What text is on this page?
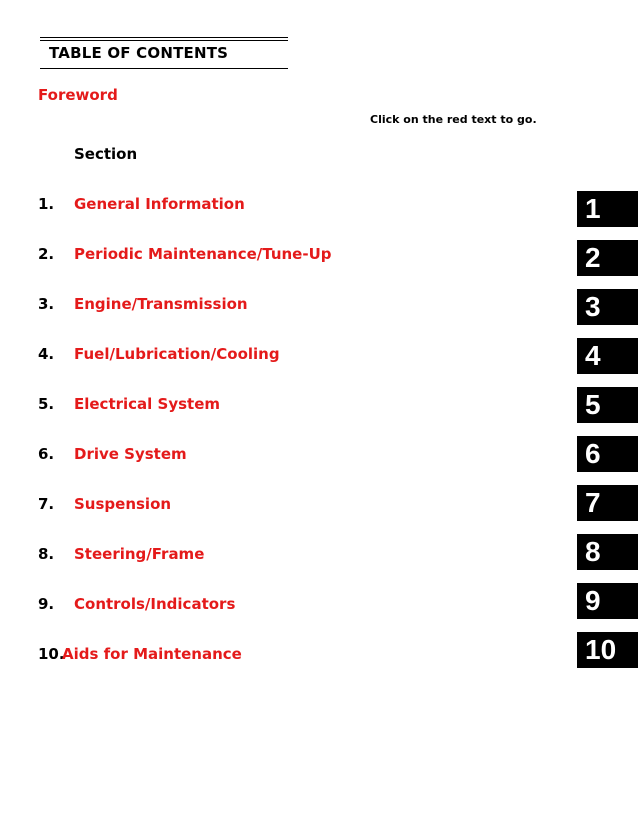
TABLE OF CONTENTS
Foreword
Click on the red text to go.
Section
1. General Information
2. Periodic Maintenance/Tune-Up
3. Engine/Transmission
4. Fuel/Lubrication/Cooling
5. Electrical System
6. Drive System
7. Suspension
8. Steering/Frame
9. Controls/Indicators
10.
Aids for Maintenance
1
2
3
4
5
6
7
8
9
10
